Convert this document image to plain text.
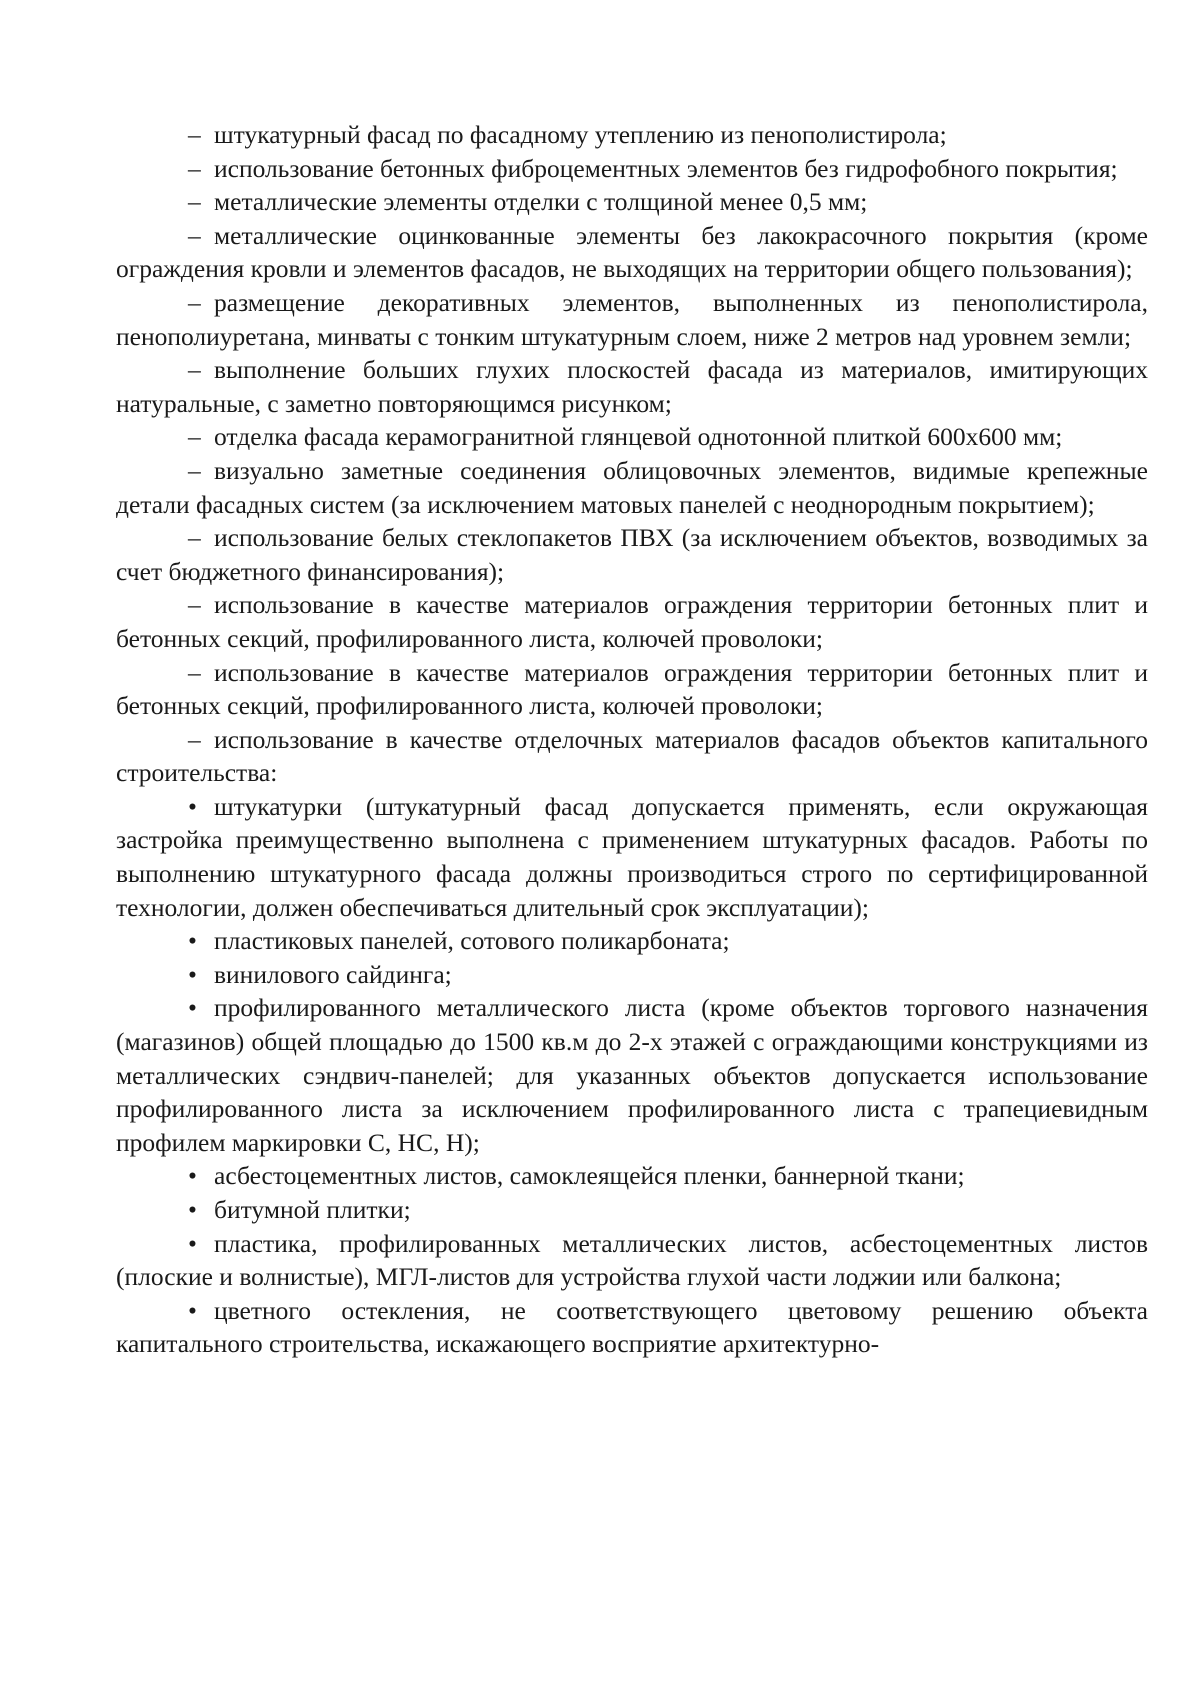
– штукатурный фасад по фасадному утеплению из пенополистирола;

– использование бетонных фиброцементных элементов без гидрофобного покрытия;

– металлические элементы отделки с толщиной менее 0,5 мм;

– металлические оцинкованные элементы без лакокрасочного покрытия (кроме ограждения кровли и элементов фасадов, не выходящих на территории общего пользования);

– размещение декоративных элементов, выполненных из пенополистирола, пенополиуретана, минваты с тонким штукатурным слоем, ниже 2 метров над уровнем земли;

– выполнение больших глухих плоскостей фасада из материалов, имитирующих натуральные, с заметно повторяющимся рисунком;

– отделка фасада керамогранитной глянцевой однотонной плиткой 600х600 мм;

– визуально заметные соединения облицовочных элементов, видимые крепежные детали фасадных систем (за исключением матовых панелей с неоднородным покрытием);

– использование белых стеклопакетов ПВХ (за исключением объектов, возводимых за счет бюджетного финансирования);

– использование в качестве материалов ограждения территории бетонных плит и бетонных секций, профилированного листа, колючей проволоки;

– использование в качестве материалов ограждения территории бетонных плит и бетонных секций, профилированного листа, колючей проволоки;

– использование в качестве отделочных материалов фасадов объектов капитального строительства:

• штукатурки (штукатурный фасад допускается применять, если окружающая застройка преимущественно выполнена с применением штукатурных фасадов. Работы по выполнению штукатурного фасада должны производиться строго по сертифицированной технологии, должен обеспечиваться длительный срок эксплуатации);

• пластиковых панелей, сотового поликарбоната;

• винилового сайдинга;

• профилированного металлического листа (кроме объектов торгового назначения (магазинов) общей площадью до 1500 кв.м до 2-х этажей с ограждающими конструкциями из металлических сэндвич-панелей; для указанных объектов допускается использование профилированного листа за исключением профилированного листа с трапециевидным профилем маркировки С, НС, Н);

• асбестоцементных листов, самоклеящейся пленки, баннерной ткани;

• битумной плитки;

• пластика, профилированных металлических листов, асбестоцементных листов (плоские и волнистые), МГЛ-листов для устройства глухой части лоджии или балкона;

• цветного остекления, не соответствующего цветовому решению объекта капитального строительства, искажающего восприятие архитектурно-
